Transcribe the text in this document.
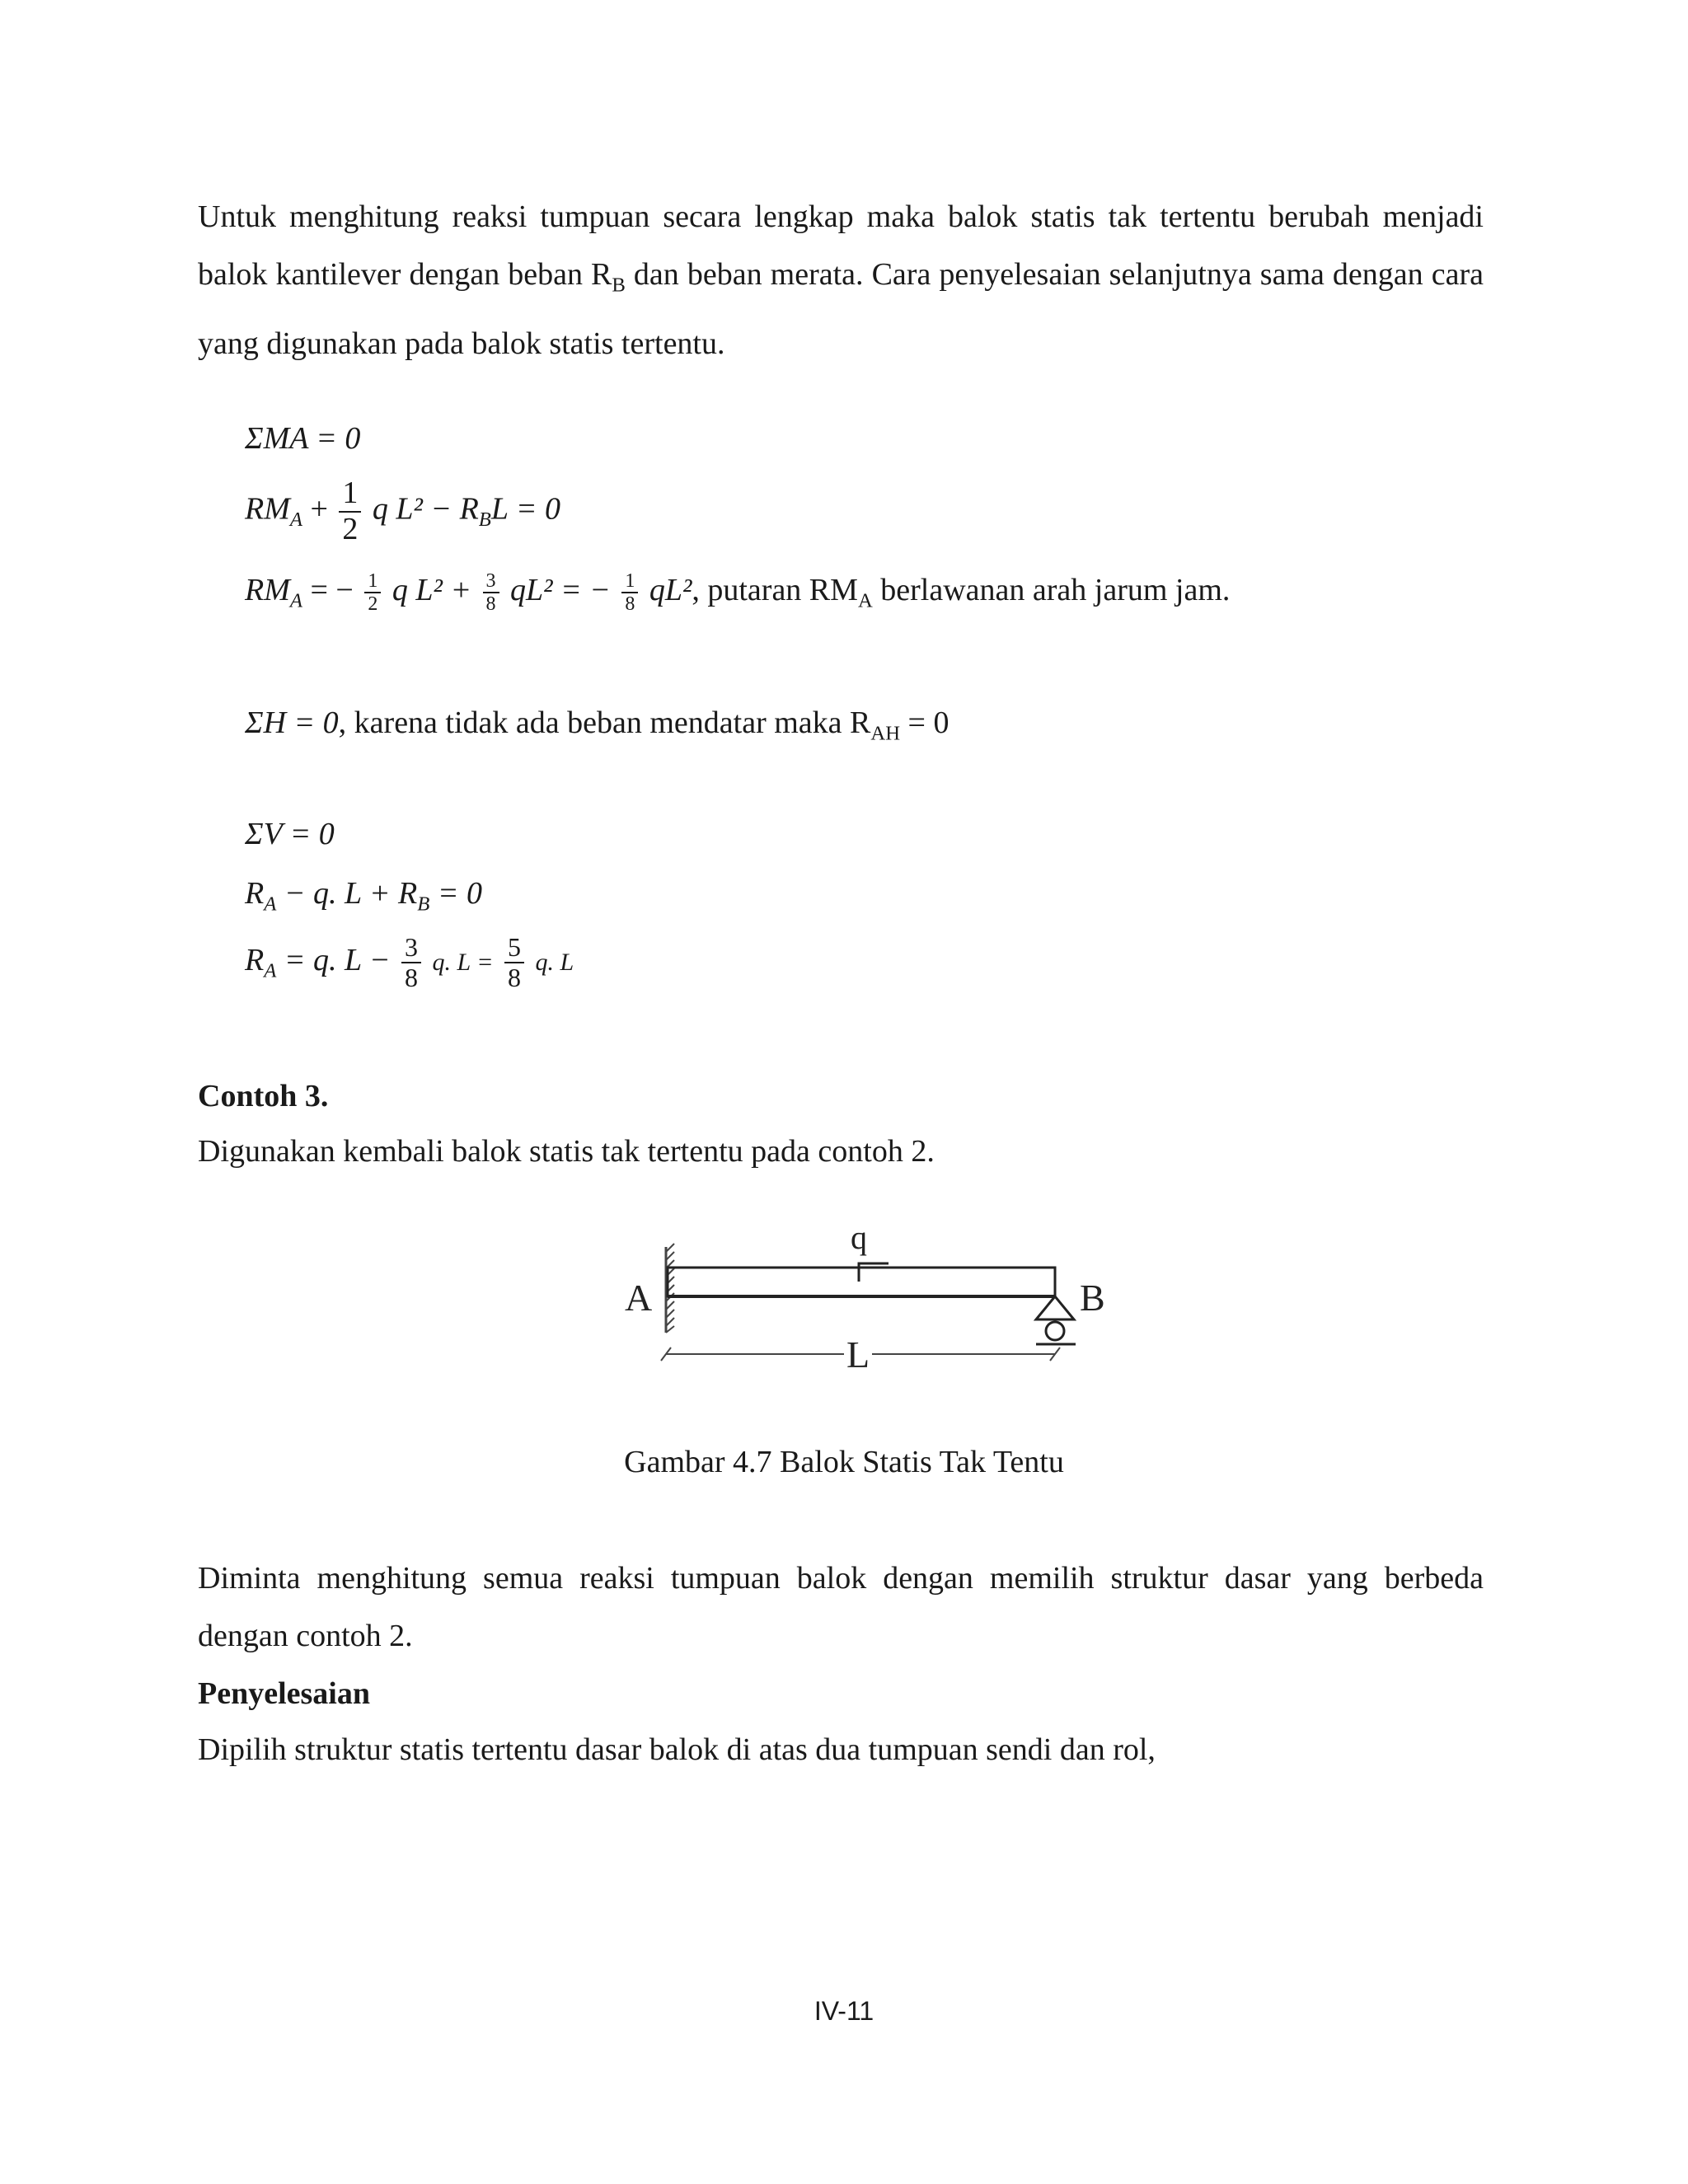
Untuk menghitung reaksi tumpuan secara lengkap maka balok statis tak tertentu berubah menjadi balok kantilever dengan beban $R_B$ dan beban merata. Cara penyelesaian selanjutnya sama dengan cara yang digunakan pada balok statis tertentu.

ΣMA = 0
$RM_A + \frac{1}{2}$ q $L^2 - R_BL = 0$
$RM_A$ = − $\frac{1}{2}$ q $L^2 + \frac{3}{8} qL^2$ = − $\frac{1}{8} qL^2$, putaran $RM_A$ berlawanan arah jarum jam.
ΣH = 0, karena tidak ada beban mendatar maka $R_{AH} = 0$
ΣV = 0
$R_A - q$. $L + R_B = 0$
$R_A = q$. $L - \frac{3}{8} q$. $L = \frac{5}{8} q$. L

Contoh 3.

Digunakan kembali balok statis tak tertentu pada contoh 2.

q
A	B
L
Gambar 4.7 Balok Statis Tak Tentu

Diminta menghitung semua reaksi tumpuan balok dengan memilih struktur dasar yang berbeda dengan contoh 2.

Penyelesaian

Dipilih struktur statis tertentu dasar balok di atas dua tumpuan sendi dan rol,

IV-11
